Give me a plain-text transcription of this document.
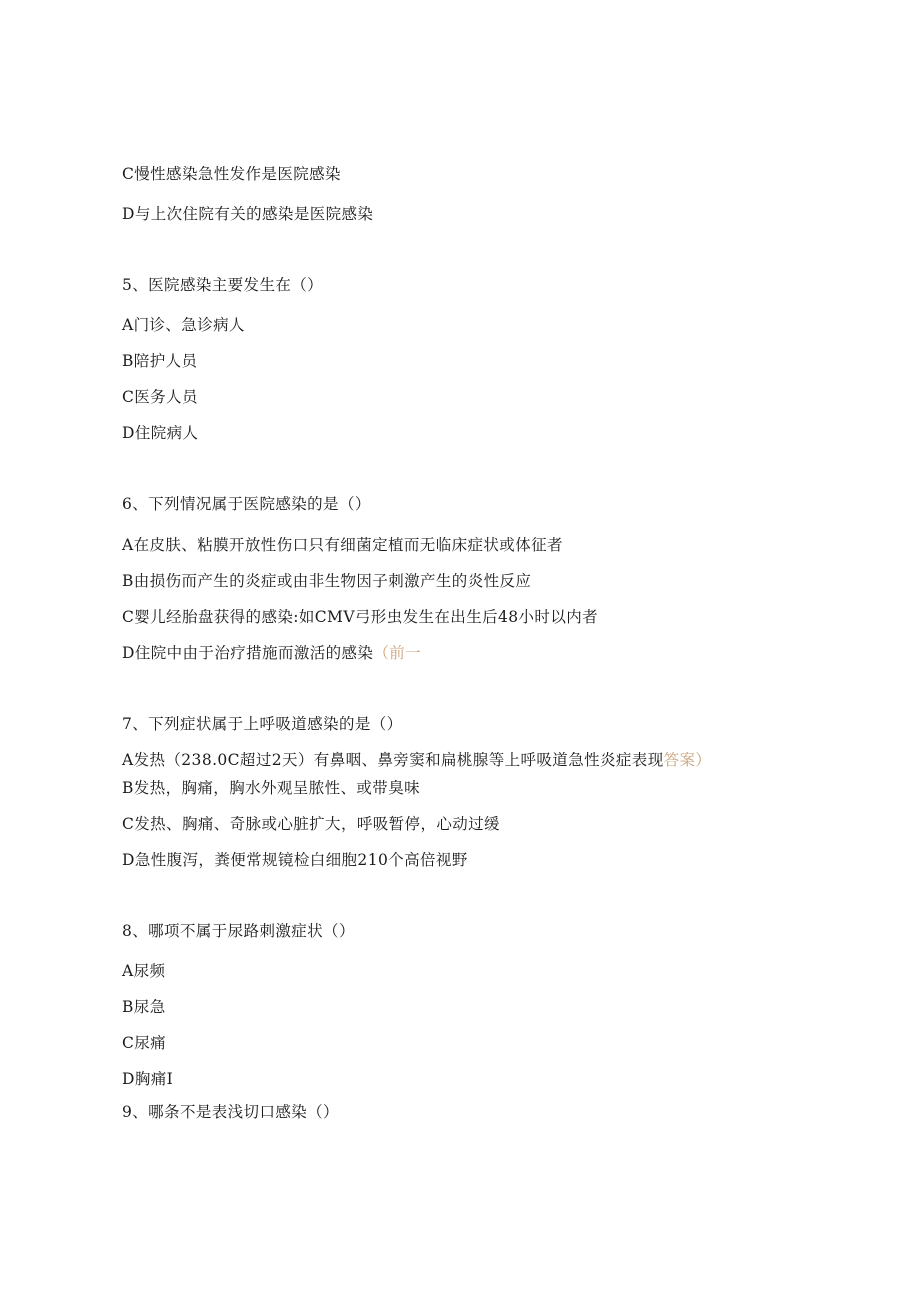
C慢性感染急性发作是医院感染
D与上次住院有关的感染是医院感染
5、医院感染主要发生在（）
A门诊、急诊病人
B陪护人员
C医务人员
D住院病人
6、下列情况属于医院感染的是（）
A在皮肤、粘膜开放性伤口只有细菌定植而无临床症状或体征者
B由损伤而产生的炎症或由非生物因子刺激产生的炎性反应
C婴儿经胎盘获得的感染:如CMV弓形虫发生在出生后48小时以内者
D住院中由于治疗措施而激活的感染（前一
7、下列症状属于上呼吸道感染的是（）
A发热（238.0C超过2天）有鼻咽、鼻旁窦和扁桃腺等上呼吸道急性炎症表现答案）
B发热，胸痛，胸水外观呈脓性、或带臭味
C发热、胸痛、奇脉或心脏扩大，呼吸暂停，心动过缓
D急性腹泻，粪便常规镜检白细胞210个高倍视野
8、哪项不属于尿路刺激症状（）
A尿频
B尿急
C尿痛
D胸痛I
9、哪条不是表浅切口感染（）
